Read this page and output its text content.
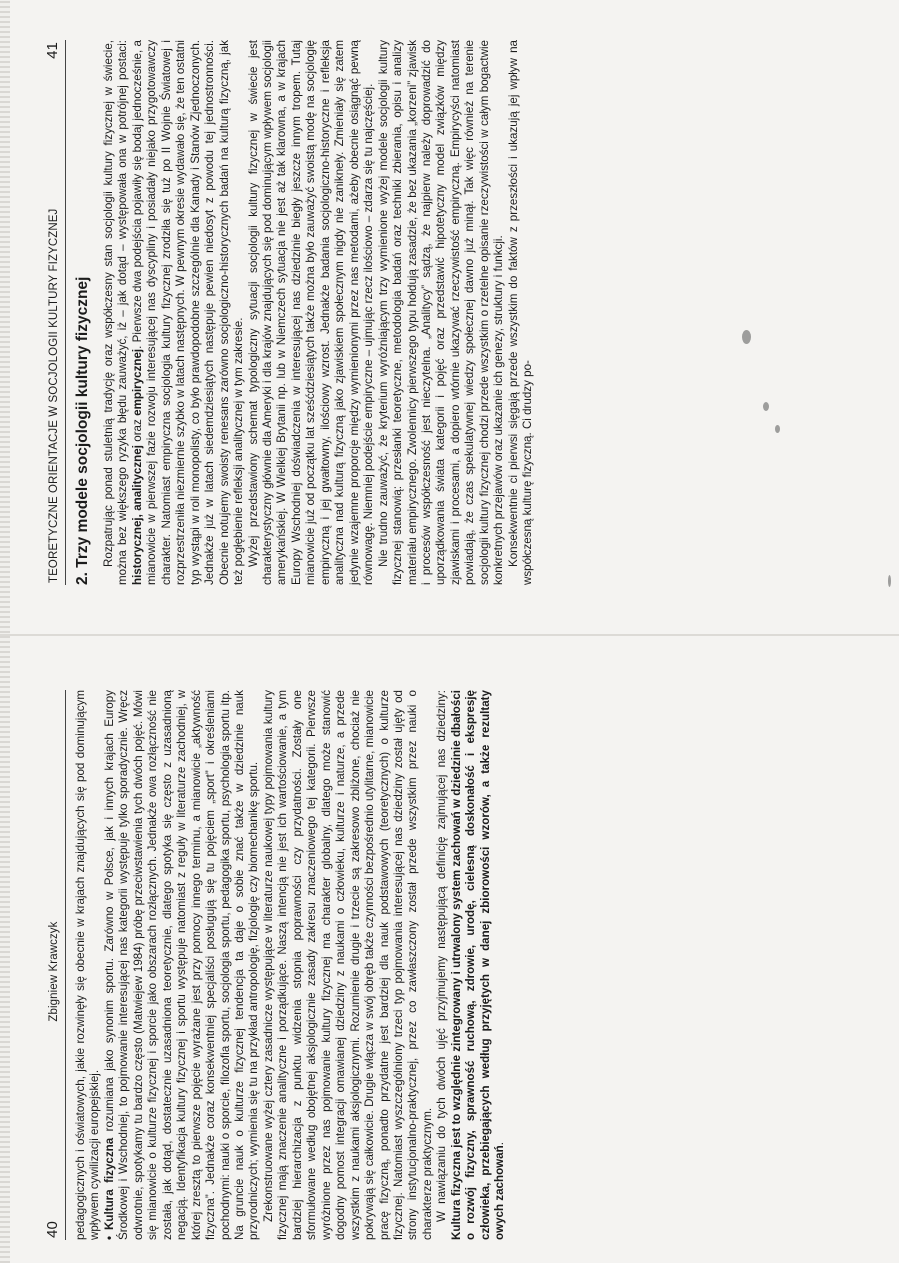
TEORETYCZNE ORIENTACJE W SOCJOLOGII KULTURY FIZYCZNEJ
41
2. Trzy modele socjologii kultury fizycznej Rozpatrując ponad stuletnią tradycję oraz współczesny stan socjologii kultury fizycznej w świecie, można bez większego ryzyka błędu zauważyć, iż – jak dotąd – występowała ona w potrójnej postaci: historycznej, analitycznej oraz empirycznej. Pierwsze dwa podejścia pojawiły się bodaj jednocześnie, a mianowicie w pierwszej fazie rozwoju interesującej nas dyscypliny i posiadały niejako przygotowawczy charakter. Natomiast empiryczna socjologia kultury fizycznej zrodziła się tuż po II Wojnie Światowej i rozprzestrzeniła niezmiernie szybko w latach następnych. W pewnym okresie wydawało się, że ten ostatni typ wystąpi w roli monopolisty, co było prawdopodobne szczególnie dla Kanady i Stanów Zjednoczonych. Jednakże już w latach siedemdziesiątych następuje pewien niedosyt z powodu tej jednostronności. Obecnie notujemy swoisty renesans zarówno socjologiczno-historycznych badań na kulturą fizyczną, jak też pogłębienie refleksji analitycznej w tym zakresie. Wyżej przedstawiony schemat typologiczny sytuacji socjologii kultury fizycznej w świecie jest charakterystyczny głównie dla Ameryki i dla krajów znajdujących się pod dominującym wpływem socjologii amerykańskiej. W Wielkiej Brytanii np. lub w Niemczech sytuacja nie jest aż tak klarowna, a w krajach Europy Wschodniej doświadczenia w interesującej nas dziedzinie biegły jeszcze innym tropem. Tutaj mianowicie już od początku lat sześćdziesiątych także można było zauważyć swoistą modę na socjologię empiryczną i jej gwałtowny, ilościowy wzrost. Jednakże badania socjologiczno-historyczne i refleksja analityczna nad kulturą fizyczną jako zjawiskiem społecznym nigdy nie zanikneły. Zmieniały się zatem jedynie wzajemne proporcje między wymienionymi przez nas metodami, ażeby obecnie osiągnąć pewną równowagę. Niemniej podejście empiryczne – ujmując rzecz ilościowo – zdarza się tu najczęściej. Nie trudno zauważyć, że kryterium wyróżniającym trzy wymienione wyżej modele socjologii kultury fizycznej stanowią: przesłanki teoretyczne, metodologia badań oraz techniki zbierania, opisu i analizy materiału empirycznego. Zwolennicy pierwszego typu hołdują zasadzie, że bez ukazania „korzeni” zjawisk i procesów współczesność jest nieczytelna. „Analitycy” sądzą, że najpierw należy doprowadzić do uporządkowania świata kategorii i pojęć oraz przedstawić hipotetyczny model związków między zjawiskami i procesami, a dopiero wtórnie ukazywać rzeczywistość empiryczną. Empirycyści natomiast powiadają, że czas spekulatywnej wiedzy społecznej dawno już minął. Tak więc również na terenie socjologii kultury fizycznej chodzi przede wszystkim o rzetelne opisanie rzeczywistości w całym bogactwie konkretnych przejawów oraz ukazanie ich genezy, struktury i funkcji. Konsekwentnie ci pierwsi sięgają przede wszystkim do faktów z przeszłości i ukazują jej wpływ na współczesną kulturę fizyczną. Ci drudzy po-

40
Zbigniew Krawczyk pedagogicznych i oświatowych, jakie rozwinęły się obecnie w krajach znajdujących się pod dominującym wpływem cywilizacji europejskiej. •Kultura fizyczna rozumiana jako synonim sportu. Zarówno w Polsce, jak i innych krajach Europy Środkowej i Wschodniej, to pojmowanie interesującej nas kategorii występuje tylko sporadycznie. Wręcz odwrotnie, spotykamy tu bardzo często (Matwiejew 1984) próbę przeciwstawienia tych dwóch pojęć. Mówi się mianowicie o kulturze fizycznej i sporcie jako obszarach rozłącznych. Jednakże owa rozłączność nie została, jak dotąd, dostatecznie uzasadniona teoretycznie, dlatego spotyka się często z uzasadnioną negacją. Identyfikacja kultury fizycznej i sportu występuje natomiast z reguły w literaturze zachodniej, w której zresztą to pierwsze pojęcie wyrażane jest przy pomocy innego terminu, a mianowicie „aktywność fizyczna”. Jednakże coraz konsekwentniej specjaliści posługują się tu pojęciem „sport” i określeniami pochodnymi: nauki o sporcie, filozofia sportu, socjologia sportu, pedagogika sportu, psychologia sportu itp. Na gruncie nauk o kulturze fizycznej tendencja ta daje o sobie znać także w dziedzinie nauk przyrodniczych; wymienia się tu na przykład antropologię, fizjologię czy biomechanikę sportu. Zrekonstruowane wyżej cztery zasadnicze występujące w literaturze naukowej typy pojmowania kultury fizycznej mają znaczenie analityczne i porządkujące. Naszą intencją nie jest ich wartościowanie, a tym bardziej hierarchizacja z punktu widzenia stopnia poprawności czy przydatności. Zostały one sformułowane według obojętnej aksjologicznie zasady zakresu znaczeniowego tej kategorii. Pierwsze wyróżnione przez nas pojmowanie kultury fizycznej ma charakter globalny, dlatego może stanowić dogodny pomost integracji omawianej dziedziny z naukami o człowieku, kulturze i naturze, a przede wszystkim z naukami aksjologicznymi. Rozumienie drugie i trzecie są zakresowo zbliżone, chociaż nie pokrywają się całkowicie. Drugie włącza w swój obręb także czynności bezpośrednio utylitarne, mianowicie pracę fizyczną, ponadto przydatne jest bardziej dla nauk podstawowych (teoretycznych) o kulturze fizycznej. Natomiast wyszczególniony trzeci typ pojmowania interesującej nas dziedziny został ujęty od strony instytucjonalno-praktycznej, przez co zawłaszczony został przede wszystkim przez nauki o charakterze praktycznym. W nawiązaniu do tych dwóch ujęć przyjmujemy następującą definicję zajmującej nas dziedziny: Kultura fizyczna jest to względnie zintegrowany i utrwalony system zachowań w dziedzinie dbałości o rozwój fizyczny, sprawność ruchową, zdrowie, urodę, cielesną doskonałość i ekspresję człowieka, przebiegających według przyjętych w danej zbiorowości wzorów, a także rezultaty owych zachowań.
